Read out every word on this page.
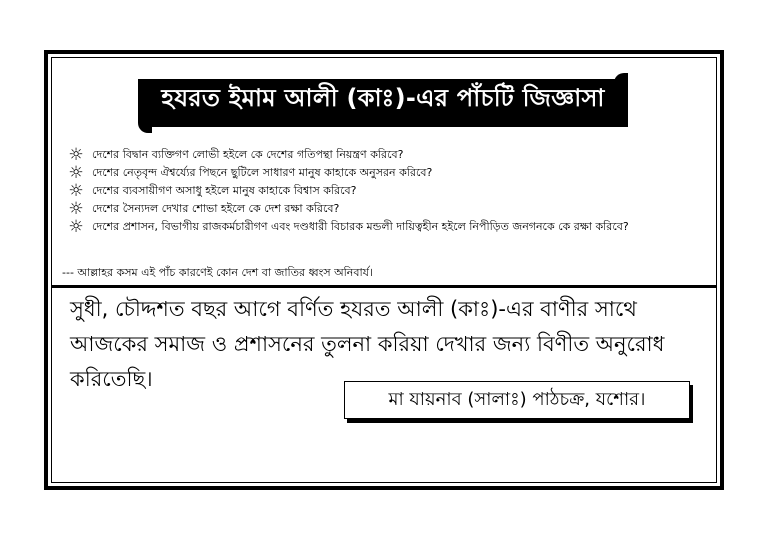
হযরত ইমাম আলী (কাঃ)-এর পাঁচটি জিজ্ঞাসা
☼ দেশের বিদ্বান ব্যক্তিগণ লোভী হইলে কে দেশের গতিপন্থা নিয়ন্ত্রণ করিবে?
☼ দেশের নেতৃবৃন্দ ঐশ্বর্য্যের পিছনে ছুটিলে সাধারণ মানুষ কাহাকে অনুসরন করিবে?
☼ দেশের ব্যবসায়ীগণ অসাধু হইলে মানুষ কাহাকে বিশ্বাস করিবে?
☼ দেশের সৈন্যদল দেখার শোভা হইলে কে দেশ রক্ষা করিবে?
☼ দেশের প্রশাসন, বিভাগীয় রাজকর্মচারীগণ এবং দণ্ডধারী বিচারক মন্ডলী দায়িত্বহীন হইলে নিপীড়িত জনগনকে কে রক্ষা করিবে?
--- আল্লাহর কসম এই পাঁচ কারণেই কোন দেশ বা জাতির ধ্বংস অনিবার্য।
সুধী, চৌদ্দশত বছর আগে বর্ণিত হযরত আলী (কাঃ)-এর বাণীর সাথে আজকের সমাজ ও প্রশাসনের তুলনা করিয়া দেখার জন্য বিণীত অনুরোধ করিতেছি।
মা যায়নাব (সালাঃ) পাঠচক্র, যশোর।
